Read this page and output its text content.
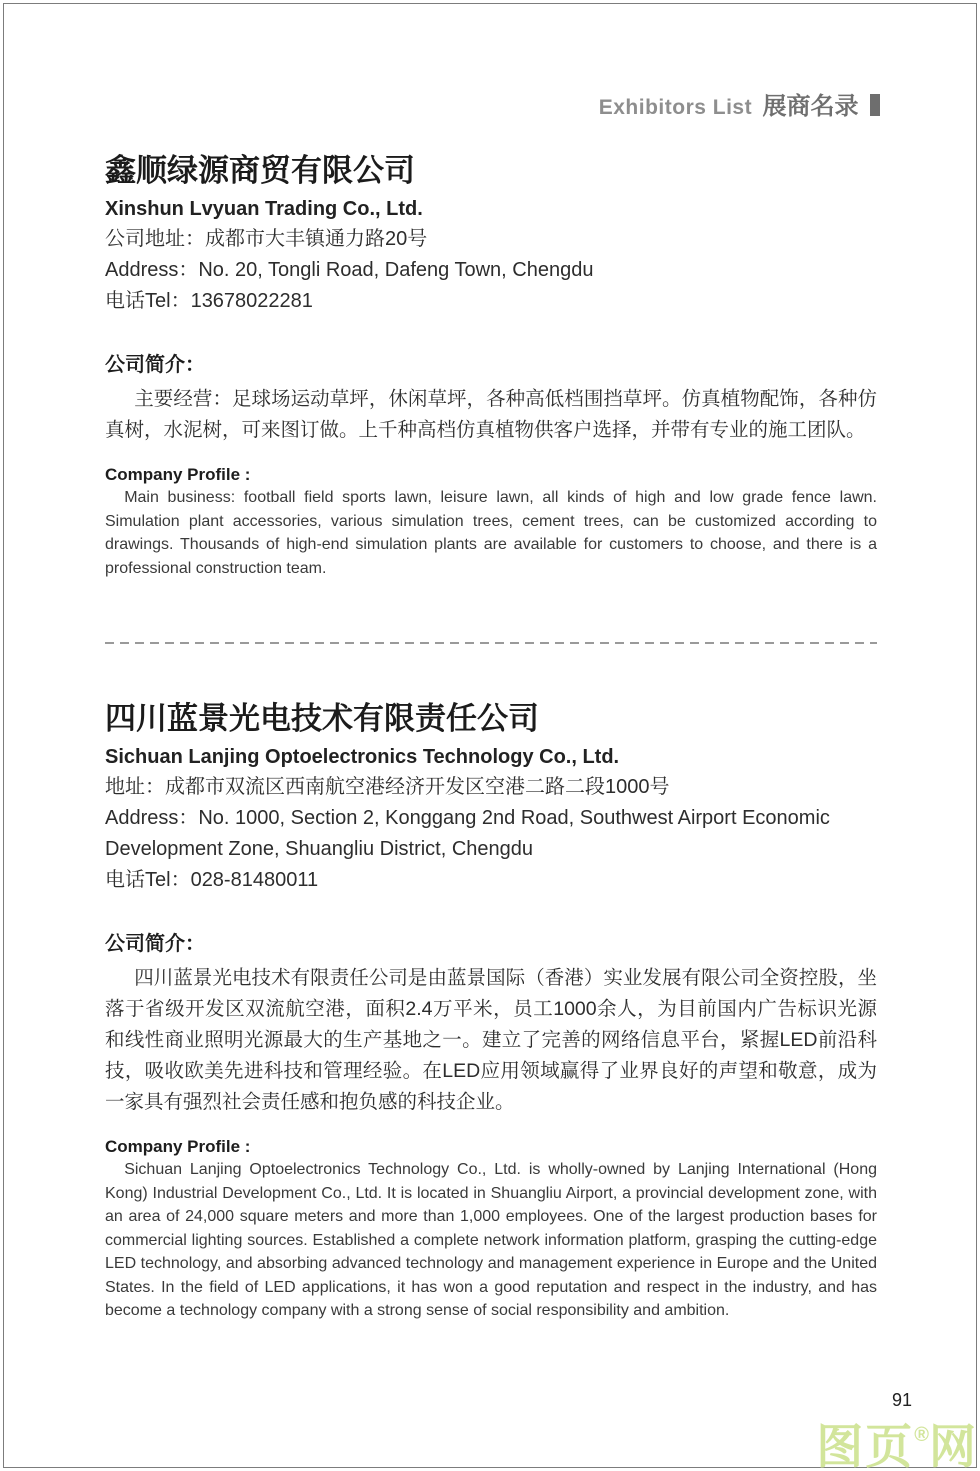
Exhibitors List 展商名录
鑫顺绿源商贸有限公司
Xinshun Lvyuan Trading Co., Ltd.
公司地址：成都市大丰镇通力路20号
Address：No. 20, Tongli Road, Dafeng Town, Chengdu
电话Tel：13678022281
公司简介：

主要经营：足球场运动草坪，休闲草坪，各种高低档围挡草坪。仿真植物配饰，各种仿真树，水泥树，可来图订做。上千种高档仿真植物供客户选择，并带有专业的施工团队。

Company Profile :

Main business: football field sports lawn, leisure lawn, all kinds of high and low grade fence lawn. Simulation plant accessories, various simulation trees, cement trees, can be customized according to drawings. Thousands of high-end simulation plants are available for customers to choose, and there is a professional construction team.

四川蓝景光电技术有限责任公司
Sichuan Lanjing Optoelectronics Technology Co., Ltd.
地址：成都市双流区西南航空港经济开发区空港二路二段1000号
Address：No. 1000, Section 2, Konggang 2nd Road, Southwest Airport Economic Development Zone, Shuangliu District, Chengdu
电话Tel：028-81480011
公司简介：

四川蓝景光电技术有限责任公司是由蓝景国际（香港）实业发展有限公司全资控股，坐落于省级开发区双流航空港，面积2.4万平米，员工1000余人，为目前国内广告标识光源和线性商业照明光源最大的生产基地之一。建立了完善的网络信息平台，紧握LED前沿科技，吸收欧美先进科技和管理经验。在LED应用领域赢得了业界良好的声望和敬意，成为一家具有强烈社会责任感和抱负感的科技企业。

Company Profile :

Sichuan Lanjing Optoelectronics Technology Co., Ltd. is wholly-owned by Lanjing International (Hong Kong) Industrial Development Co., Ltd. It is located in Shuangliu Airport, a provincial development zone, with an area of 24,000 square meters and more than 1,000 employees. One of the largest production bases for commercial lighting sources. Established a complete network information platform, grasping the cutting-edge LED technology, and absorbing advanced technology and management experience in Europe and the United States. In the field of LED applications, it has won a good reputation and respect in the industry, and has become a technology company with a strong sense of social responsibility and ambition.

91
图页®网
